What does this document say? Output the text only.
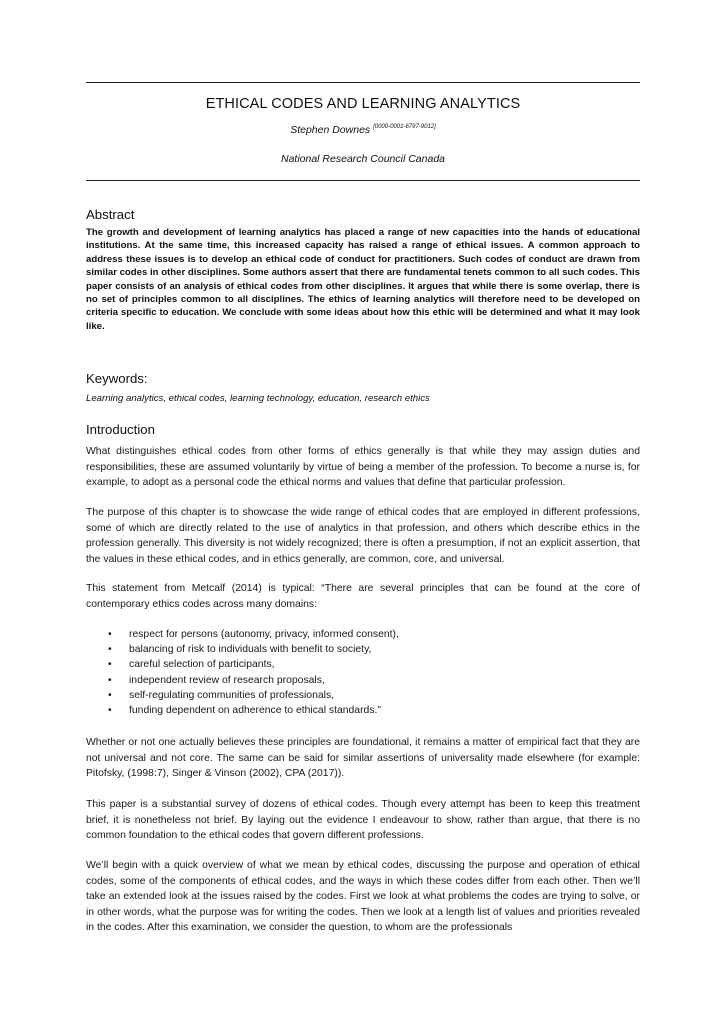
ETHICAL CODES AND LEARNING ANALYTICS
Stephen Downes [0000-0001-6797-9012]
National Research Council Canada
Abstract

The growth and development of learning analytics has placed a range of new capacities into the hands of educational institutions. At the same time, this increased capacity has raised a range of ethical issues. A common approach to address these issues is to develop an ethical code of conduct for practitioners. Such codes of conduct are drawn from similar codes in other disciplines. Some authors assert that there are fundamental tenets common to all such codes. This paper consists of an analysis of ethical codes from other disciplines. It argues that while there is some overlap, there is no set of principles common to all disciplines. The ethics of learning analytics will therefore need to be developed on criteria specific to education. We conclude with some ideas about how this ethic will be determined and what it may look like.

Keywords:

Learning analytics, ethical codes, learning technology, education, research ethics

Introduction

What distinguishes ethical codes from other forms of ethics generally is that while they may assign duties and responsibilities, these are assumed voluntarily by virtue of being a member of the profession. To become a nurse is, for example, to adopt as a personal code the ethical norms and values that define that particular profession.

The purpose of this chapter is to showcase the wide range of ethical codes that are employed in different professions, some of which are directly related to the use of analytics in that profession, and others which describe ethics in the profession generally. This diversity is not widely recognized; there is often a presumption, if not an explicit assertion, that the values in these ethical codes, and in ethics generally, are common, core, and universal.

This statement from Metcalf (2014) is typical: “There are several principles that can be found at the core of contemporary ethics codes across many domains:

• respect for persons (autonomy, privacy, informed consent),
• balancing of risk to individuals with benefit to society,
• careful selection of participants,
• independent review of research proposals,
• self-regulating communities of professionals,
• funding dependent on adherence to ethical standards.”

Whether or not one actually believes these principles are foundational, it remains a matter of empirical fact that they are not universal and not core. The same can be said for similar assertions of universality made elsewhere (for example: Pitofsky, (1998:7), Singer & Vinson (2002), CPA (2017)).

This paper is a substantial survey of dozens of ethical codes. Though every attempt has been to keep this treatment brief, it is nonetheless not brief. By laying out the evidence I endeavour to show, rather than argue, that there is no common foundation to the ethical codes that govern different professions.

We’ll begin with a quick overview of what we mean by ethical codes, discussing the purpose and operation of ethical codes, some of the components of ethical codes, and the ways in which these codes differ from each other. Then we’ll take an extended look at the issues raised by the codes. First we look at what problems the codes are trying to solve, or in other words, what the purpose was for writing the codes. Then we look at a length list of values and priorities revealed in the codes. After this examination, we consider the question, to whom are the professionals
